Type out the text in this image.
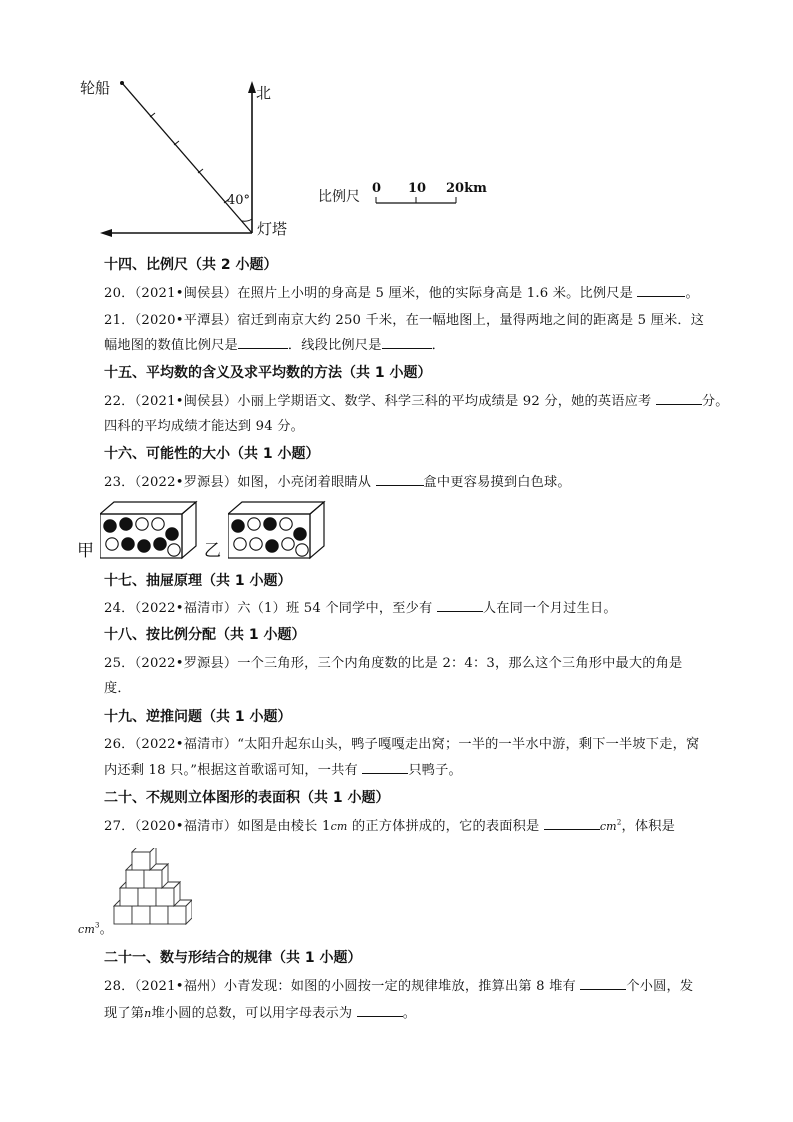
轮船	北
40°
灯塔
比例尺
0 10 20km
十四、比例尺（共 2 小题）
20．（2021•闽侯县）在照片上小明的身高是 5 厘米，他的实际身高是 1.6 米。比例尺是	。
21．（2020•平潭县）宿迁到南京大约 250 千米，在一幅地图上，量得两地之间的距离是 5 厘米．这
幅地图的数值比例尺是	．线段比例尺是	．
十五、平均数的含义及求平均数的方法（共 1 小题）
22．（2021•闽侯县）小丽上学期语文、数学、科学三科的平均成绩是 92 分，她的英语应考	分。
四科的平均成绩才能达到 94 分。
十六、可能性的大小（共 1 小题）
23．（2022•罗源县）如图，小亮闭着眼睛从	盒中更容易摸到白色球。
甲	乙
十七、抽屉原理（共 1 小题）
24．（2022•福清市）六（1）班 54 个同学中，至少有	人在同一个月过生日。
十八、按比例分配（共 1 小题）
25．（2022•罗源县）一个三角形，三个内角度数的比是 2：4：3，那么这个三角形中最大的角是
度．
十九、逆推问题（共 1 小题）
26．（2022•福清市）“太阳升起东山头，鸭子嘎嘎走出窝；一半的一半水中游，剩下一半坡下走，窝
内还剩 18 只。”根据这首歌谣可知，一共有	只鸭子。
二十、不规则立体图形的表面积（共 1 小题）
27．（2020•福清市）如图是由棱长 1cm 的正方体拼成的，它的表面积是	$cm^2$，体积是
$cm^3$。
二十一、数与形结合的规律（共 1 小题）
28．（2021•福州）小青发现：如图的小圆按一定的规律堆放，推算出第 8 堆有	个小圆，发
现了第n堆小圆的总数，可以用字母表示为	。
